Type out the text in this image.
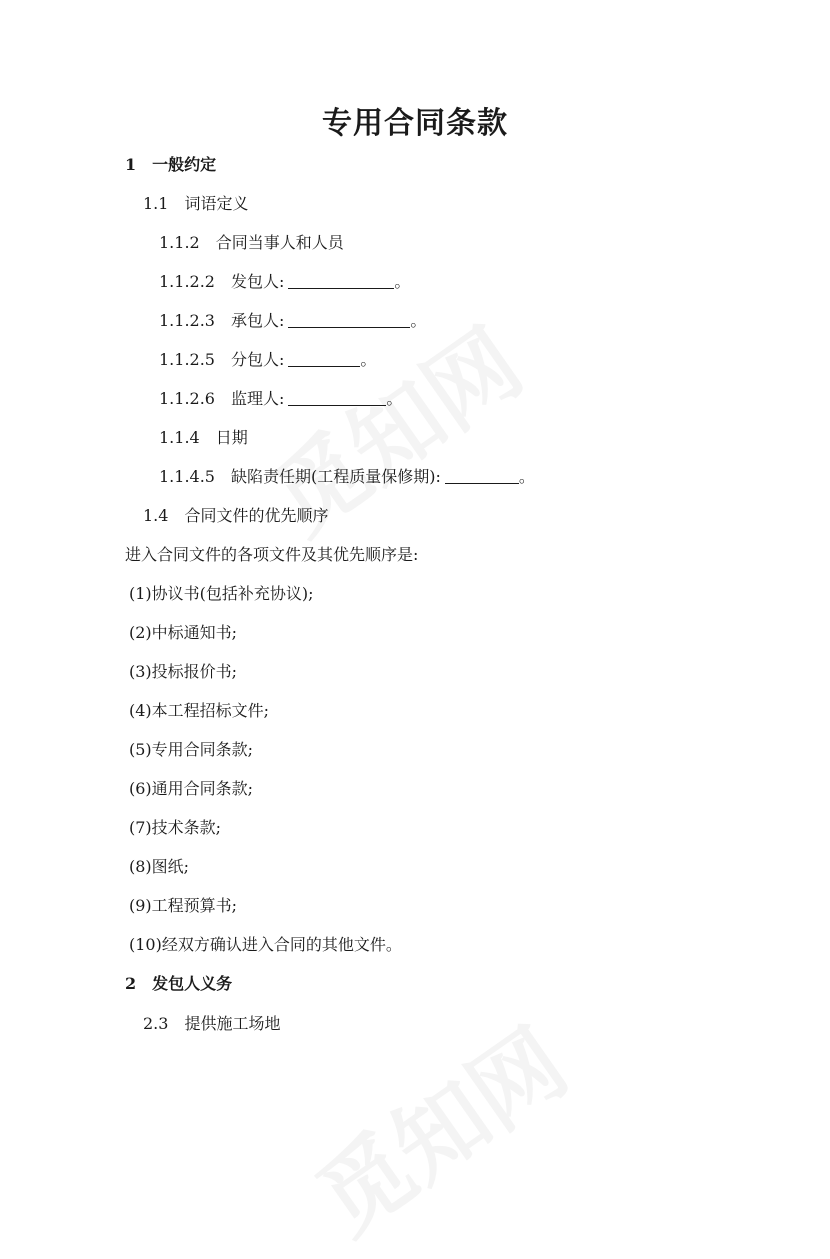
专用合同条款
1 一般约定
1.1 词语定义
1.1.2 合同当事人和人员
1.1.2.2 发包人:	。
1.1.2.3 承包人:	。
1.1.2.5 分包人:	。
1.1.2.6 监理人:	。
1.1.4 日期
1.1.4.5 缺陷责任期(工程质量保修期):	。
1.4 合同文件的优先顺序
进入合同文件的各项文件及其优先顺序是:
(1)协议书(包括补充协议);
(2)中标通知书;
(3)投标报价书;
(4)本工程招标文件;
(5)专用合同条款;
(6)通用合同条款;
(7)技术条款;
(8)图纸;
(9)工程预算书;
(10)经双方确认进入合同的其他文件。
2 发包人义务
2.3 提供施工场地
